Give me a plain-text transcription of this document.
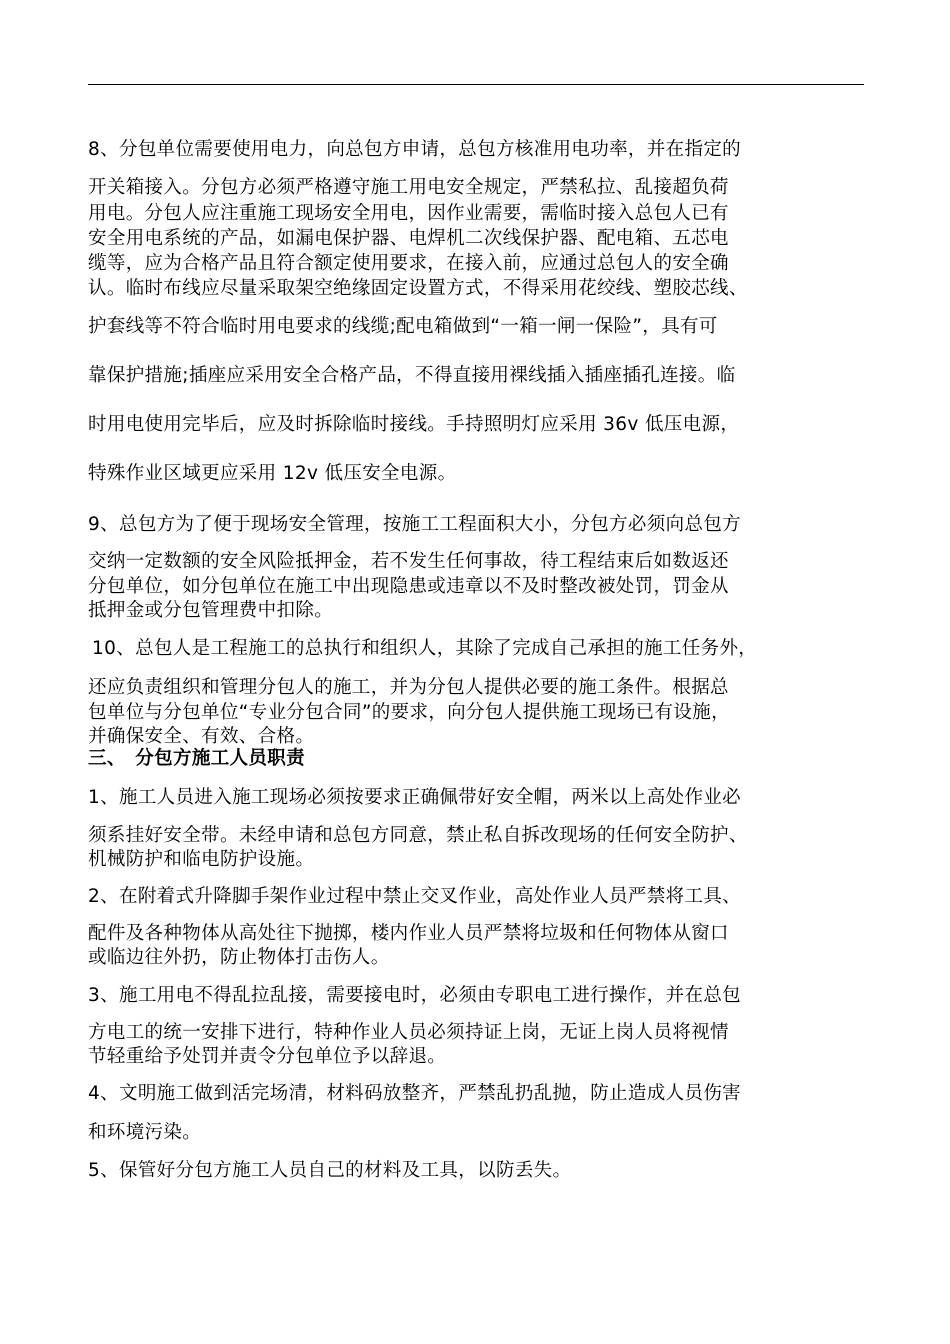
8、分包单位需要使用电力，向总包方申请，总包方核准用电功率，并在指定的
开关箱接入。分包方必须严格遵守施工用电安全规定，严禁私拉、乱接超负荷
用电。分包人应注重施工现场安全用电，因作业需要，需临时接入总包人已有
安全用电系统的产品，如漏电保护器、电焊机二次线保护器、配电箱、五芯电
缆等，应为合格产品且符合额定使用要求，在接入前，应通过总包人的安全确
认。临时布线应尽量采取架空绝缘固定设置方式，不得采用花绞线、塑胶芯线、
护套线等不符合临时用电要求的线缆;配电箱做到“一箱一闸一保险”，具有可
靠保护措施;插座应采用安全合格产品，不得直接用裸线插入插座插孔连接。临
时用电使用完毕后，应及时拆除临时接线。手持照明灯应采用 36v 低压电源，
特殊作业区域更应采用 12v 低压安全电源。
9、总包方为了便于现场安全管理，按施工工程面积大小，分包方必须向总包方
交纳一定数额的安全风险抵押金，若不发生任何事故，待工程结束后如数返还
分包单位，如分包单位在施工中出现隐患或违章以不及时整改被处罚，罚金从
抵押金或分包管理费中扣除。
10、总包人是工程施工的总执行和组织人，其除了完成自己承担的施工任务外，
还应负责组织和管理分包人的施工，并为分包人提供必要的施工条件。根据总
包单位与分包单位“专业分包合同”的要求，向分包人提供施工现场已有设施，
并确保安全、有效、合格。
三、　分包方施工人员职责
1、施工人员进入施工现场必须按要求正确佩带好安全帽，两米以上高处作业必
须系挂好安全带。未经申请和总包方同意，禁止私自拆改现场的任何安全防护、
机械防护和临电防护设施。
2、在附着式升降脚手架作业过程中禁止交叉作业，高处作业人员严禁将工具、
配件及各种物体从高处往下抛掷，楼内作业人员严禁将垃圾和任何物体从窗口
或临边往外扔，防止物体打击伤人。
3、施工用电不得乱拉乱接，需要接电时，必须由专职电工进行操作，并在总包
方电工的统一安排下进行，特种作业人员必须持证上岗，无证上岗人员将视情
节轻重给予处罚并责令分包单位予以辞退。
4、文明施工做到活完场清，材料码放整齐，严禁乱扔乱抛，防止造成人员伤害
和环境污染。
5、保管好分包方施工人员自己的材料及工具，以防丢失。
